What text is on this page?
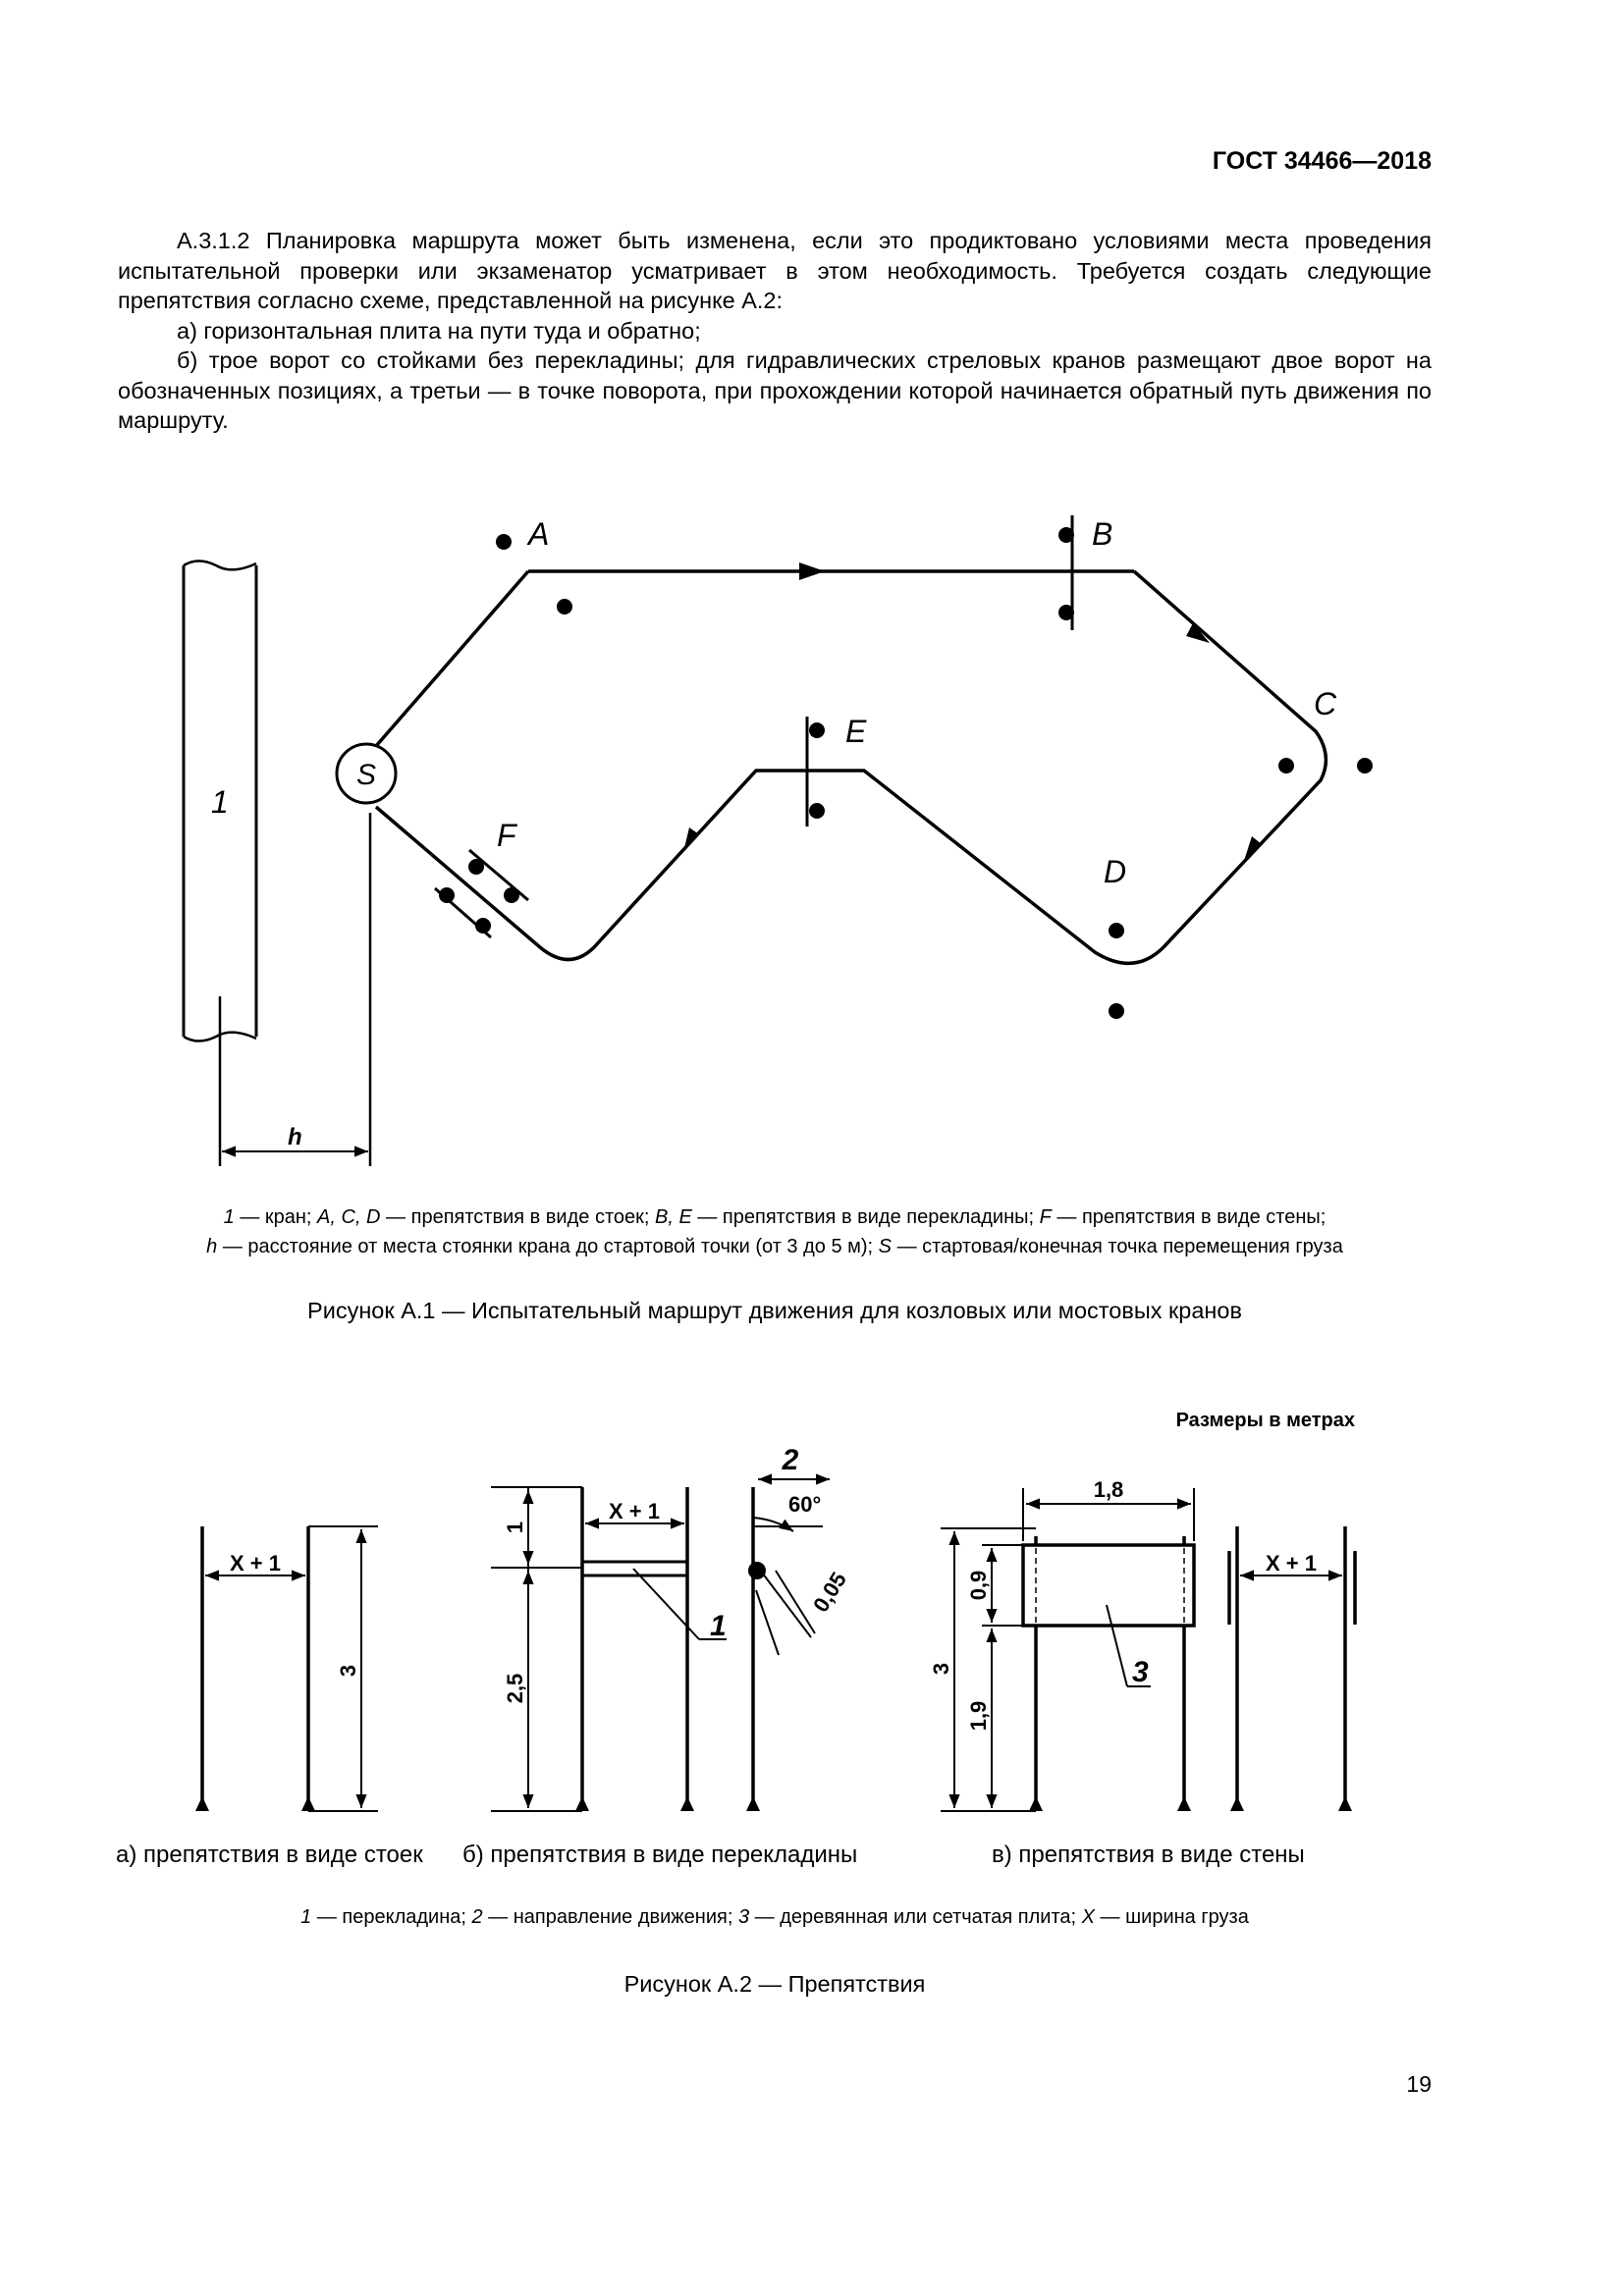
ГОСТ 34466—2018

А.3.1.2 Планировка маршрута может быть изменена, если это продиктовано условиями места проведения испытательной проверки или экзаменатор усматривает в этом необходимость. Требуется создать следующие препятствия согласно схеме, представленной на рисунке А.2:

а) горизонтальная плита на пути туда и обратно;

б) трое ворот со стойками без перекладины; для гидравлических стреловых кранов размещают двое ворот на обозначенных позициях, а третьи — в точке поворота, при прохождении которой начинается обратный путь движения по маршруту.

1
S
A	B
C
D
E
F
h
X + 1
3
X + 1
1
2,5
1
2
60°
0,05
1,8
0,9
3
1,9
3
X + 1
1 — кран; A, C, D — препятствия в виде стоек; B, E — препятствия в виде перекладины; F — препятствия в виде стены;
h — расстояние от места стоянки крана до стартовой точки (от 3 до 5 м); S — стартовая/конечная точка перемещения груза
Рисунок А.1 — Испытательный маршрут движения для козловых или мостовых кранов
Размеры в метрах
а) препятствия в виде стоек б) препятствия в виде перекладины	в) препятствия в виде стены
1 — перекладина; 2 — направление движения; 3 — деревянная или сетчатая плита; X — ширина груза
Рисунок А.2 — Препятствия
19
